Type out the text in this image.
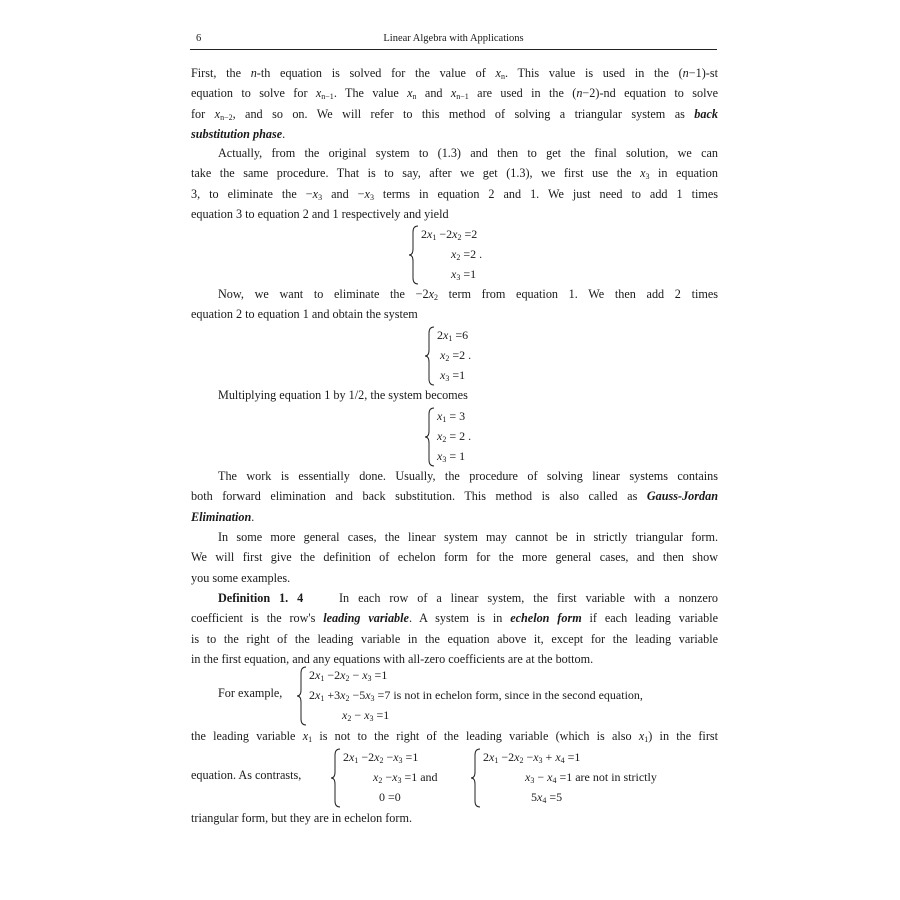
6	Linear Algebra with Applications
First, the n-th equation is solved for the value of $x_n$. This value is used in the (n−1)-st
equation to solve for $x_{n-1}$. The value $x_n$ and $x_{n-1}$ are used in the (n−2)-nd equation to solve
for $x_{n-2}$, and so on. We will refer to this method of solving a triangular system as back
substitution phase.
Actually, from the original system to (1.3) and then to get the final solution, we can
take the same procedure. That is to say, after we get (1.3), we first use the $x_3$ in equation
3, to eliminate the $-x_3$ and $-x_3$ terms in equation 2 and 1. We just need to add 1 times
equation 3 to equation 2 and 1 respectively and yield
$2x_1 -2x_2 =2$
$x_2 =2$ .
$x_3 =1$
Now, we want to eliminate the $-2x_2$ term from equation 1. We then add 2 times
equation 2 to equation 1 and obtain the system
$2x_1 =6$
$x_2 =2$ .
$x_3 =1$
Multiplying equation 1 by 1/2, the system becomes
$x_1 = 3$
$x_2 = 2$ .
$x_3 = 1$
The work is essentially done. Usually, the procedure of solving linear systems contains
both forward elimination and back substitution. This method is also called as Gauss-Jordan
Elimination.
In some more general cases, the linear system may cannot be in strictly triangular form.
We will first give the definition of echelon form for the more general cases, and then show
you some examples.
Definition 1. 4    In each row of a linear system, the first variable with a nonzero
coefficient is the row's leading variable. A system is in echelon form if each leading variable
is to the right of the leading variable in the equation above it, except for the leading variable
in the first equation, and any equations with all-zero coefficients are at the bottom.
For example,
$2x_1 -2x_2 - x_3 =1$
$2x_1 +3x_2 -5x_3 =7$ is not in echelon form, since in the second equation,
$x_2 - x_3 =1$
the leading variable $x_1$ is not to the right of the leading variable (which is also $x_1$) in the first
equation. As contrasts,
$2x_1 -2x_2 -x_3 =1$
$x_2 -x_3 =1$ and
0 =0
$2x_1 -2x_2 -x_3 + x_4 =1$
$x_3 - x_4 =1$ are not in strictly
$5x_4 =5$
triangular form, but they are in echelon form.
